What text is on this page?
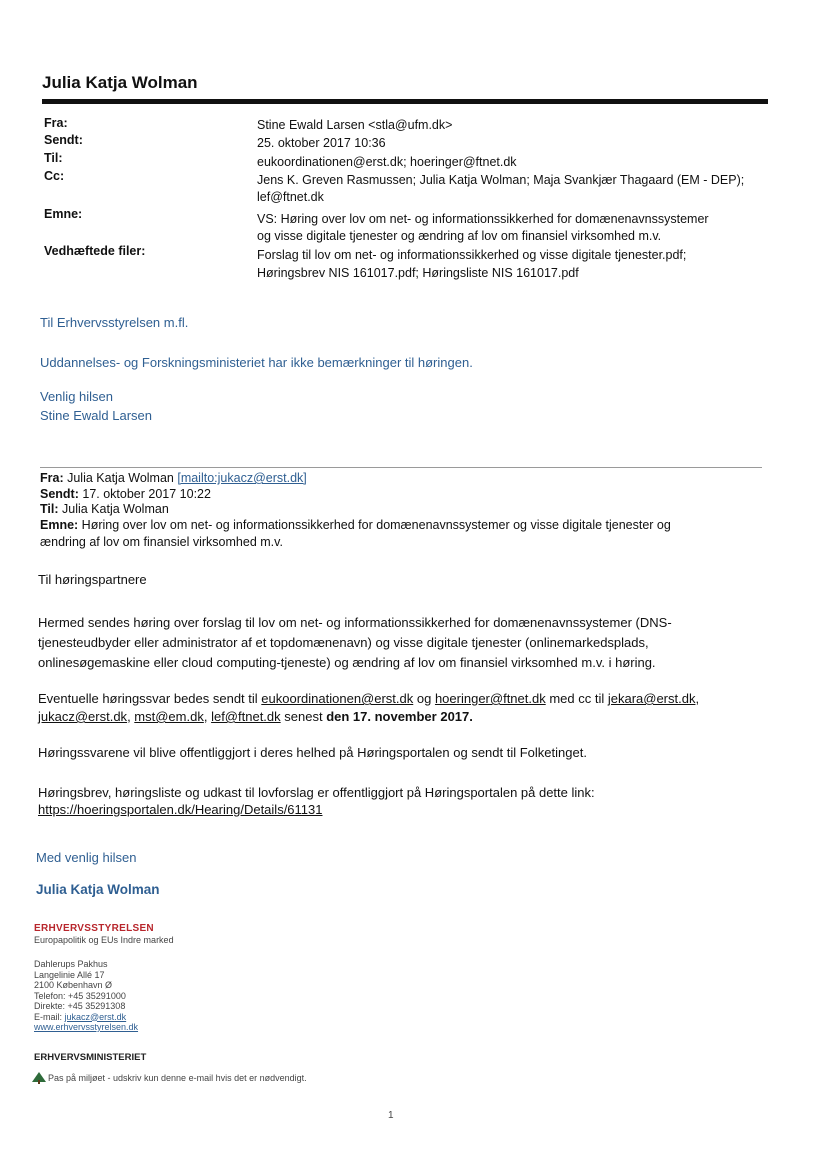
Julia Katja Wolman
Fra:	Stine Ewald Larsen <stla@ufm.dk>
Sendt:	25. oktober 2017 10:36
Til:	eukoordinationen@erst.dk; hoeringer@ftnet.dk
Cc:	Jens K. Greven Rasmussen; Julia Katja Wolman; Maja Svankjær Thagaard (EM - DEP);
lef@ftnet.dk
Emne:	VS: Høring over lov om net- og informationssikkerhed for domænenavnssystemer
og visse digitale tjenester og ændring af lov om finansiel virksomhed m.v.
Vedhæftede filer:	Forslag til lov om net- og informationssikkerhed og visse digitale tjenester.pdf;
Høringsbrev NIS 161017.pdf; Høringsliste NIS 161017.pdf
Til Erhvervsstyrelsen m.fl.
Uddannelses- og Forskningsministeriet har ikke bemærkninger til høringen.
Venlig hilsen
Stine Ewald Larsen
Fra: Julia Katja Wolman [mailto:jukacz@erst.dk]
Sendt: 17. oktober 2017 10:22
Til: Julia Katja Wolman
Emne: Høring over lov om net- og informationssikkerhed for domænenavnssystemer og visse digitale tjenester og
ændring af lov om finansiel virksomhed m.v.
Til høringspartnere
Hermed sendes høring over forslag til lov om net- og informationssikkerhed for domænenavnssystemer (DNS-
tjenesteudbyder eller administrator af et topdomænenavn) og visse digitale tjenester (onlinemarkedsplads,
onlinesøgemaskine eller cloud computing-tjeneste) og ændring af lov om finansiel virksomhed m.v. i høring.
Eventuelle høringssvar bedes sendt til eukoordinationen@erst.dk og hoeringer@ftnet.dk med cc til jekara@erst.dk,
jukacz@erst.dk, mst@em.dk, lef@ftnet.dk senest den 17. november 2017.
Høringssvarene vil blive offentliggjort i deres helhed på Høringsportalen og sendt til Folketinget.
Høringsbrev, høringsliste og udkast til lovforslag er offentliggjort på Høringsportalen på dette link:
https://hoeringsportalen.dk/Hearing/Details/61131
Med venlig hilsen
Julia Katja Wolman
ERHVERVSSTYRELSEN
Europapolitik og EUs Indre marked
Dahlerups Pakhus
Langelinie Allé 17
2100 København Ø
Telefon: +45 35291000
Direkte: +45 35291308
E-mail: jukacz@erst.dk
www.erhvervsstyrelsen.dk
ERHVERVSMINISTERIET
Pas på miljøet - udskriv kun denne e-mail hvis det er nødvendigt.
1
